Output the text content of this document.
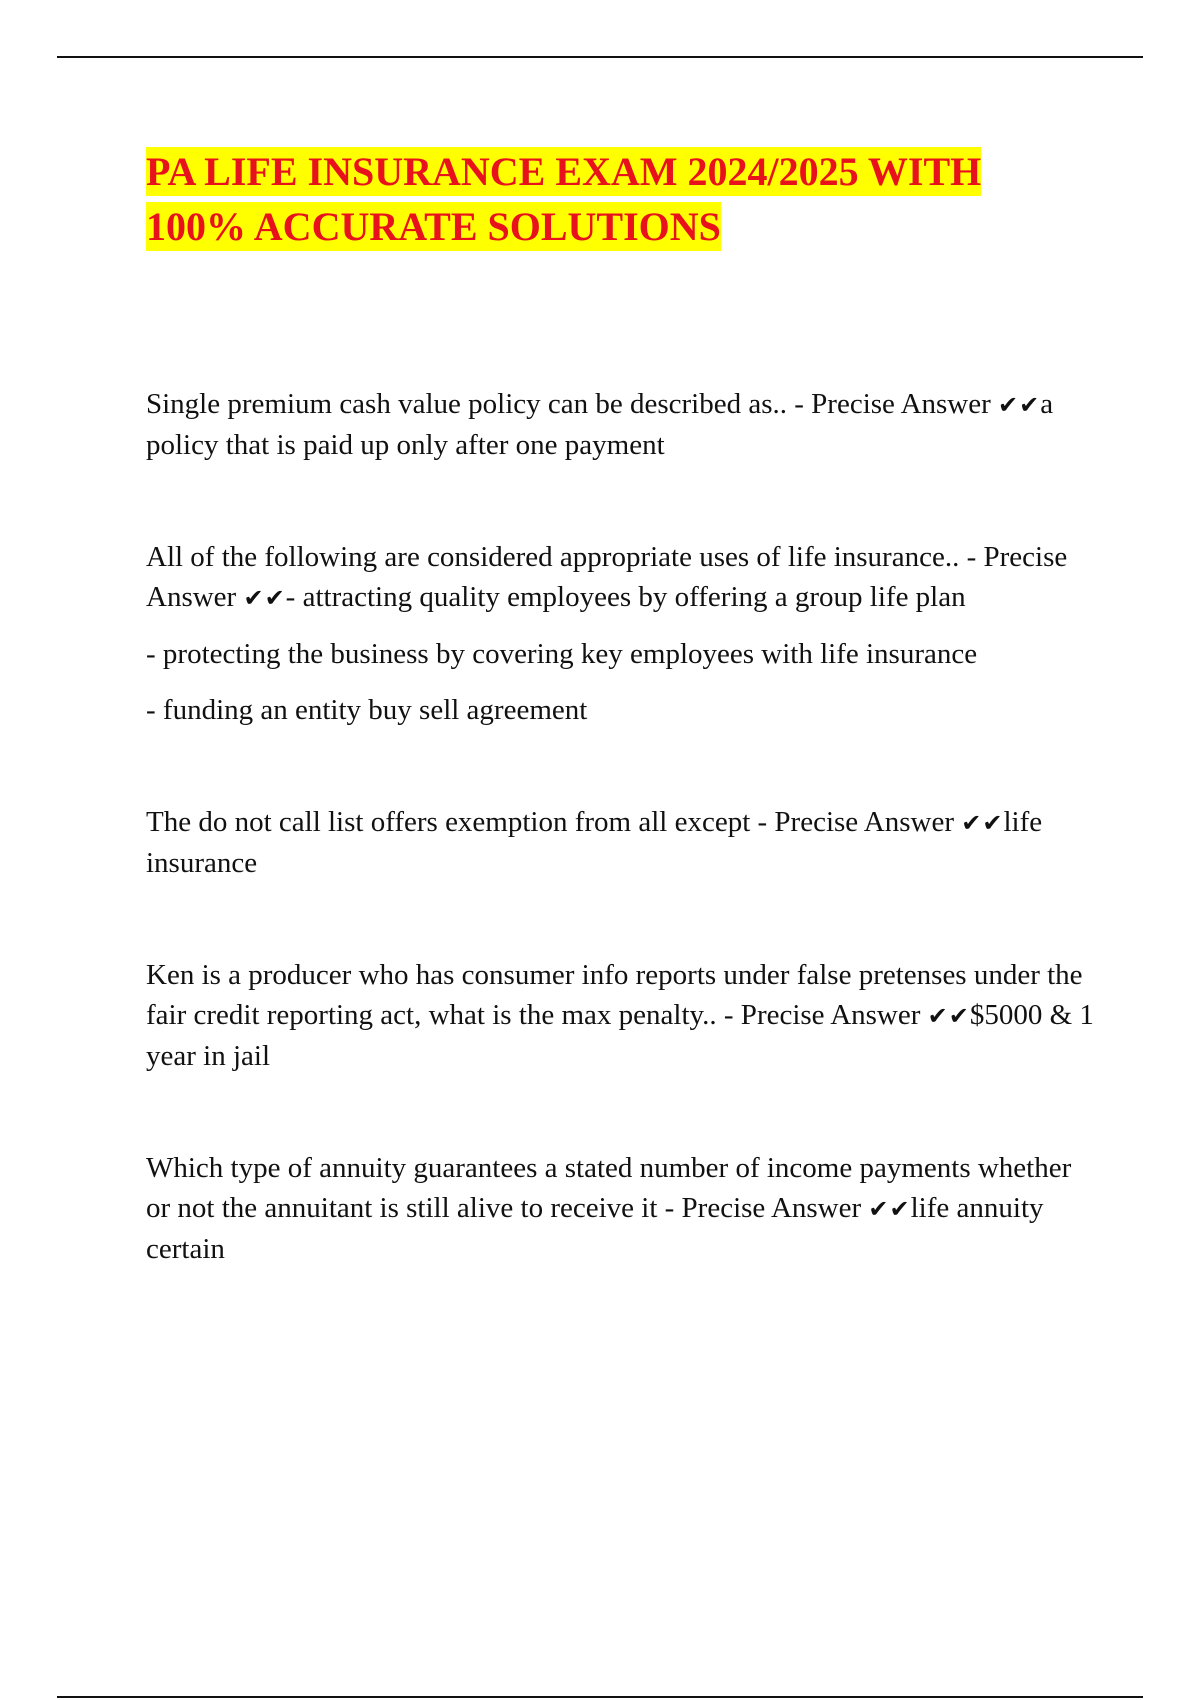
PA LIFE INSURANCE EXAM 2024/2025 WITH
100% ACCURATE SOLUTIONS

Single premium cash value policy can be described as.. - Precise Answer ✔✔a policy that is paid up only after one payment

All of the following are considered appropriate uses of life insurance.. - Precise Answer ✔✔- attracting quality employees by offering a group life plan

- protecting the business by covering key employees with life insurance

- funding an entity buy sell agreement

The do not call list offers exemption from all except - Precise Answer ✔✔life insurance

Ken is a producer who has consumer info reports under false pretenses under the fair credit reporting act, what is the max penalty.. - Precise Answer ✔✔$5000 & 1 year in jail

Which type of annuity guarantees a stated number of income payments whether or not the annuitant is still alive to receive it - Precise Answer ✔✔life annuity certain
